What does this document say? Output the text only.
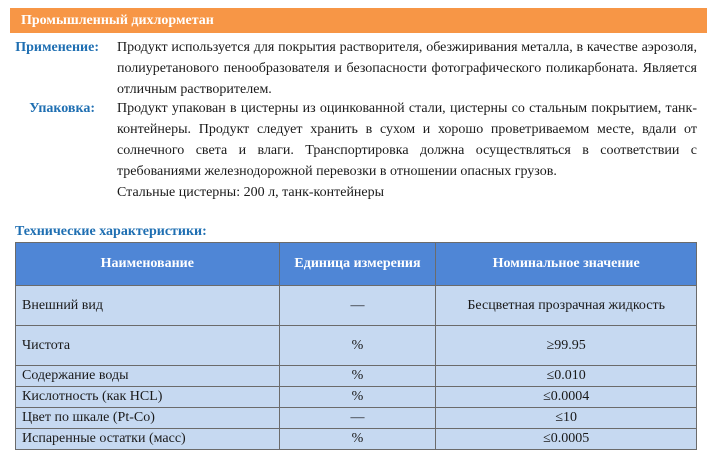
Промышленный дихлорметан
Применение: Продукт используется для покрытия растворителя, обезжиривания металла, в качестве аэрозоля, полиуретанового пенообразователя и безопасности фотографического поликарбоната. Является отличным растворителем.

Упаковка: Продукт упакован в цистерны из оцинкованной стали, цистерны со стальным покрытием, танк-контейнеры. Продукт следует хранить в сухом и хорошо проветриваемом месте, вдали от солнечного света и влаги. Транспортировка должна осуществляться в соответствии с требованиями железнодорожной перевозки в отношении опасных грузов.

Стальные цистерны: 200 л, танк-контейнеры

Технические характеристики:
Наименование	Единица измерения	Номинальное значение
Внешний вид	—	Бесцветная прозрачная жидкость
Чистота	%	≥99.95
Содержание воды	%	≤0.010
Кислотность (как HCL)	%	≤0.0004
Цвет по шкале (Pt-Co)	—	≤10
Испаренные остатки (масс)	%	≤0.0005
